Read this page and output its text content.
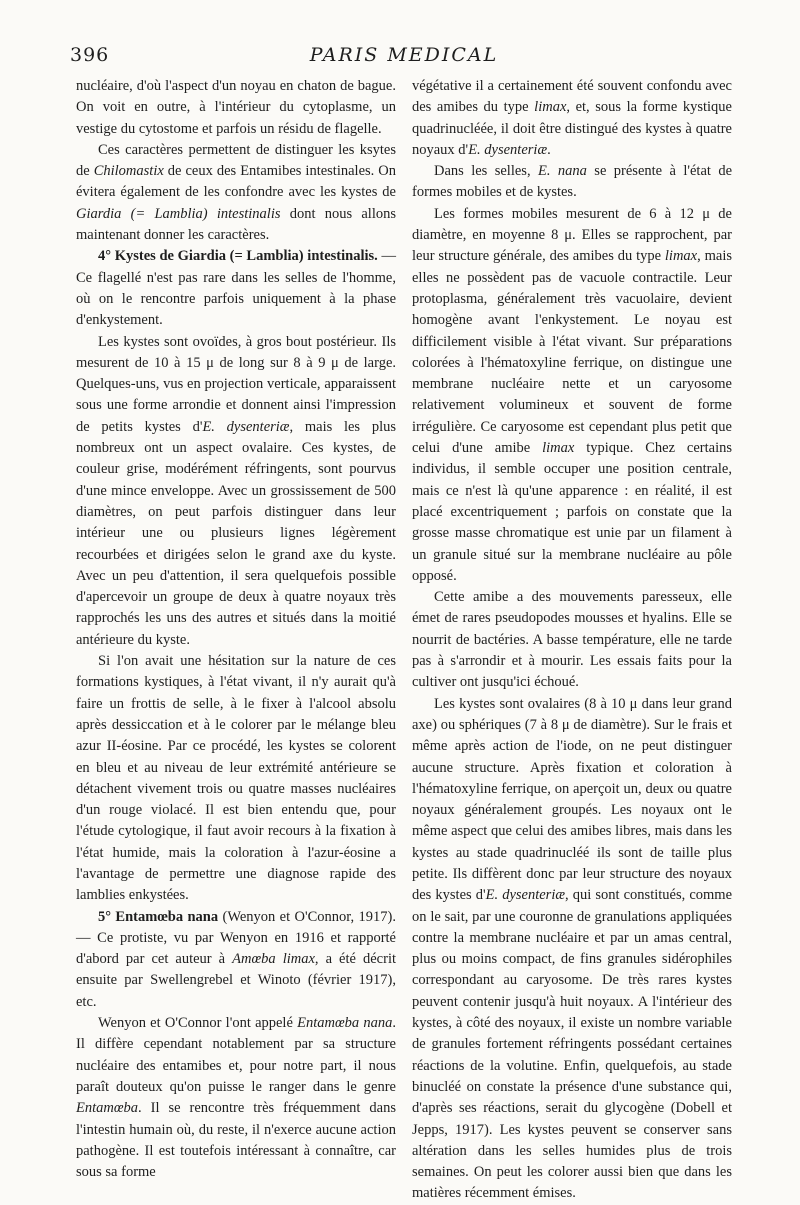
396	PARIS MEDICAL

nucléaire, d'où l'aspect d'un noyau en chaton de bague. On voit en outre, à l'intérieur du cytoplasme, un vestige du cytostome et parfois un résidu de flagelle.

Ces caractères permettent de distinguer les ksytes de Chilomastix de ceux des Entamibes intestinales. On évitera également de les confondre avec les kystes de Giardia (= Lamblia) intestinalis dont nous allons maintenant donner les caractères.

4° Kystes de Giardia (= Lamblia) intestinalis. — Ce flagellé n'est pas rare dans les selles de l'homme, où on le rencontre parfois uniquement à la phase d'enkystement.

Les kystes sont ovoïdes, à gros bout postérieur. Ils mesurent de 10 à 15 μ de long sur 8 à 9 μ de large. Quelques-uns, vus en projection verticale, apparaissent sous une forme arrondie et donnent ainsi l'impression de petits kystes d'E. dysenteriæ, mais les plus nombreux ont un aspect ovalaire. Ces kystes, de couleur grise, modérément réfringents, sont pourvus d'une mince enveloppe. Avec un grossissement de 500 diamètres, on peut parfois distinguer dans leur intérieur une ou plusieurs lignes légèrement recourbées et dirigées selon le grand axe du kyste. Avec un peu d'attention, il sera quelquefois possible d'apercevoir un groupe de deux à quatre noyaux très rapprochés les uns des autres et situés dans la moitié antérieure du kyste.

Si l'on avait une hésitation sur la nature de ces formations kystiques, à l'état vivant, il n'y aurait qu'à faire un frottis de selle, à le fixer à l'alcool absolu après dessiccation et à le colorer par le mélange bleu azur II-éosine. Par ce procédé, les kystes se colorent en bleu et au niveau de leur extrémité antérieure se détachent vivement trois ou quatre masses nucléaires d'un rouge violacé. Il est bien entendu que, pour l'étude cytologique, il faut avoir recours à la fixation à l'état humide, mais la coloration à l'azur-éosine a l'avantage de permettre une diagnose rapide des lamblies enkystées.

5° Entamœba nana (Wenyon et O'Connor, 1917). — Ce protiste, vu par Wenyon en 1916 et rapporté d'abord par cet auteur à Amœba limax, a été décrit ensuite par Swellengrebel et Winoto (février 1917), etc.

Wenyon et O'Connor l'ont appelé Entamœba nana. Il diffère cependant notablement par sa structure nucléaire des entamibes et, pour notre part, il nous paraît douteux qu'on puisse le ranger dans le genre Entamœba. Il se rencontre très fréquemment dans l'intestin humain où, du reste, il n'exerce aucune action pathogène. Il est toutefois intéressant à connaître, car sous sa forme

végétative il a certainement été souvent confondu avec des amibes du type limax, et, sous la forme kystique quadrinucléée, il doit être distingué des kystes à quatre noyaux d'E. dysenteriæ.

Dans les selles, E. nana se présente à l'état de formes mobiles et de kystes.

Les formes mobiles mesurent de 6 à 12 μ de diamètre, en moyenne 8 μ. Elles se rapprochent, par leur structure générale, des amibes du type limax, mais elles ne possèdent pas de vacuole contractile. Leur protoplasma, généralement très vacuolaire, devient homogène avant l'enkystement. Le noyau est difficilement visible à l'état vivant. Sur préparations colorées à l'hématoxyline ferrique, on distingue une membrane nucléaire nette et un caryosome relativement volumineux et souvent de forme irrégulière. Ce caryosome est cependant plus petit que celui d'une amibe limax typique. Chez certains individus, il semble occuper une position centrale, mais ce n'est là qu'une apparence : en réalité, il est placé excentriquement ; parfois on constate que la grosse masse chromatique est unie par un filament à un granule situé sur la membrane nucléaire au pôle opposé.

Cette amibe a des mouvements paresseux, elle émet de rares pseudopodes mousses et hyalins. Elle se nourrit de bactéries. A basse température, elle ne tarde pas à s'arrondir et à mourir. Les essais faits pour la cultiver ont jusqu'ici échoué.

Les kystes sont ovalaires (8 à 10 μ dans leur grand axe) ou sphériques (7 à 8 μ de diamètre). Sur le frais et même après action de l'iode, on ne peut distinguer aucune structure. Après fixation et coloration à l'hématoxyline ferrique, on aperçoit un, deux ou quatre noyaux généralement groupés. Les noyaux ont le même aspect que celui des amibes libres, mais dans les kystes au stade quadrinucléé ils sont de taille plus petite. Ils diffèrent donc par leur structure des noyaux des kystes d'E. dysenteriæ, qui sont constitués, comme on le sait, par une couronne de granulations appliquées contre la membrane nucléaire et par un amas central, plus ou moins compact, de fins granules sidérophiles correspondant au caryosome. De très rares kystes peuvent contenir jusqu'à huit noyaux. A l'intérieur des kystes, à côté des noyaux, il existe un nombre variable de granules fortement réfringents possédant certaines réactions de la volutine. Enfin, quelquefois, au stade binucléé on constate la présence d'une substance qui, d'après ses réactions, serait du glycogène (Dobell et Jepps, 1917). Les kystes peuvent se conserver sans altération dans les selles humides plus de trois semaines. On peut les colorer aussi bien que dans les matières récemment émises.
